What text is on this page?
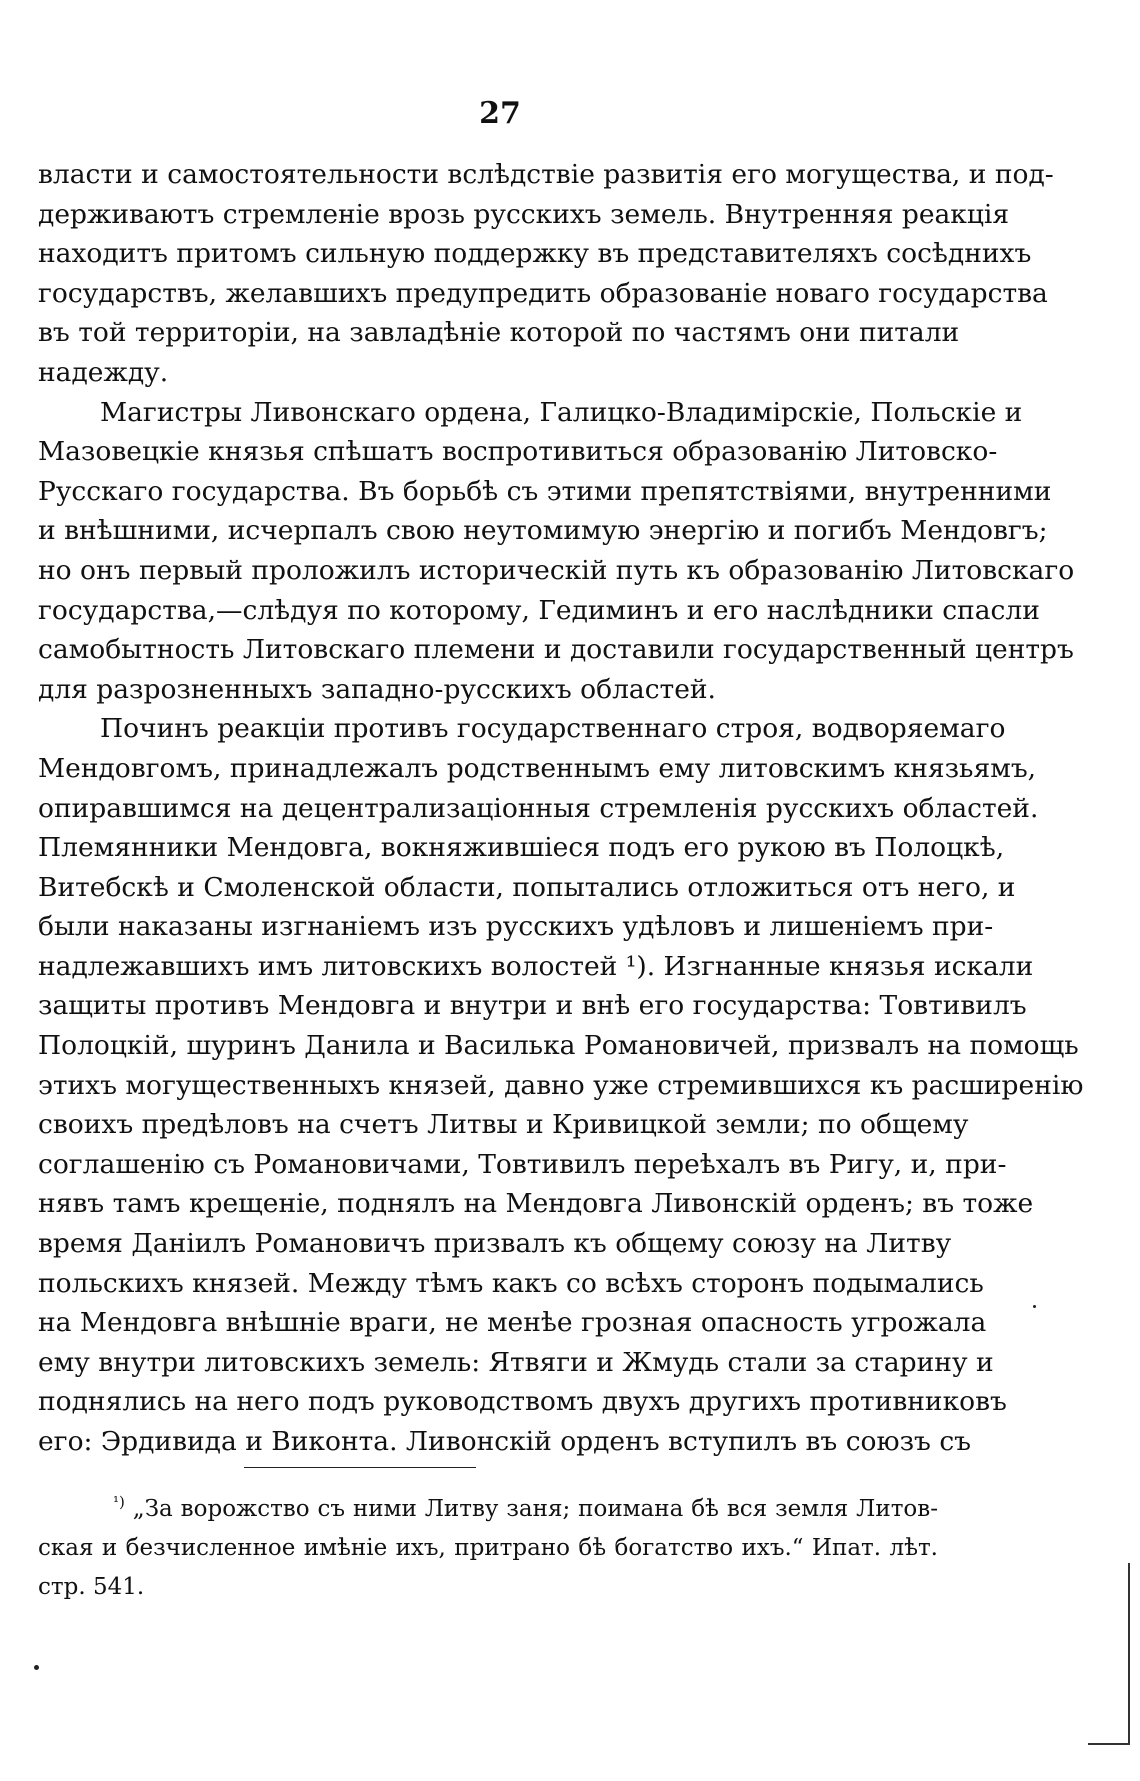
27
власти и самостоятельности вслѣдствіе развитія его могущества, и под-
держиваютъ стремленіе врозь русскихъ земель. Внутренняя реакція
находитъ притомъ сильную поддержку въ представителяхъ сосѣднихъ
государствъ, желавшихъ предупредить образованіе новаго государства
въ той территоріи, на завладѣніе которой по частямъ они питали
надежду.
Магистры Ливонскаго ордена, Галицко-Владимірскіе, Польскіе и
Мазовецкіе князья спѣшатъ воспротивиться образованію Литовско-
Русскаго государства. Въ борьбѣ съ этими препятствіями, внутренними
и внѣшними, исчерпалъ свою неутомимую энергію и погибъ Мендовгъ;
но онъ первый проложилъ историческій путь къ образованію Литовскаго
государства,—слѣдуя по которому, Гедиминъ и его наслѣдники спасли
самобытность Литовскаго племени и доставили государственный центръ
для разрозненныхъ западно-русскихъ областей.
Починъ реакціи противъ государственнаго строя, водворяемаго
Мендовгомъ, принадлежалъ родственнымъ ему литовскимъ князьямъ,
опиравшимся на децентрализаціонныя стремленія русскихъ областей.
Племянники Мендовга, вокняжившіеся подъ его рукою въ Полоцкѣ,
Витебскѣ и Смоленской области, попытались отложиться отъ него, и
были наказаны изгнаніемъ изъ русскихъ удѣловъ и лишеніемъ при-
надлежавшихъ имъ литовскихъ волостей ¹). Изгнанные князья искали
защиты противъ Мендовга и внутри и внѣ его государства: Товтивилъ
Полоцкій, шуринъ Данила и Василька Романовичей, призвалъ на помощь
этихъ могущественныхъ князей, давно уже стремившихся къ расширенію
своихъ предѣловъ на счетъ Литвы и Кривицкой земли; по общему
соглашенію съ Романовичами, Товтивилъ переѣхалъ въ Ригу, и, при-
нявъ тамъ крещеніе, поднялъ на Мендовга Ливонскій орденъ; въ тоже
время Даніилъ Романовичъ призвалъ къ общему союзу на Литву
польскихъ князей. Между тѣмъ какъ со всѣхъ сторонъ подымались
на Мендовга внѣшніе враги, не менѣе грозная опасность угрожала
ему внутри литовскихъ земель: Ятвяги и Жмудь стали за старину и
поднялись на него подъ руководствомъ двухъ другихъ противниковъ
его: Эрдивида и Виконта. Ливонскій орденъ вступилъ въ союзъ съ
$^{^1)}$ „За ворожство съ ними Литву заня; поимана бѣ вся земля Литов-
ская и безчисленное имѣніе ихъ, притрано бѣ богатство ихъ.“ Ипат. лѣт.
стр. 541.
